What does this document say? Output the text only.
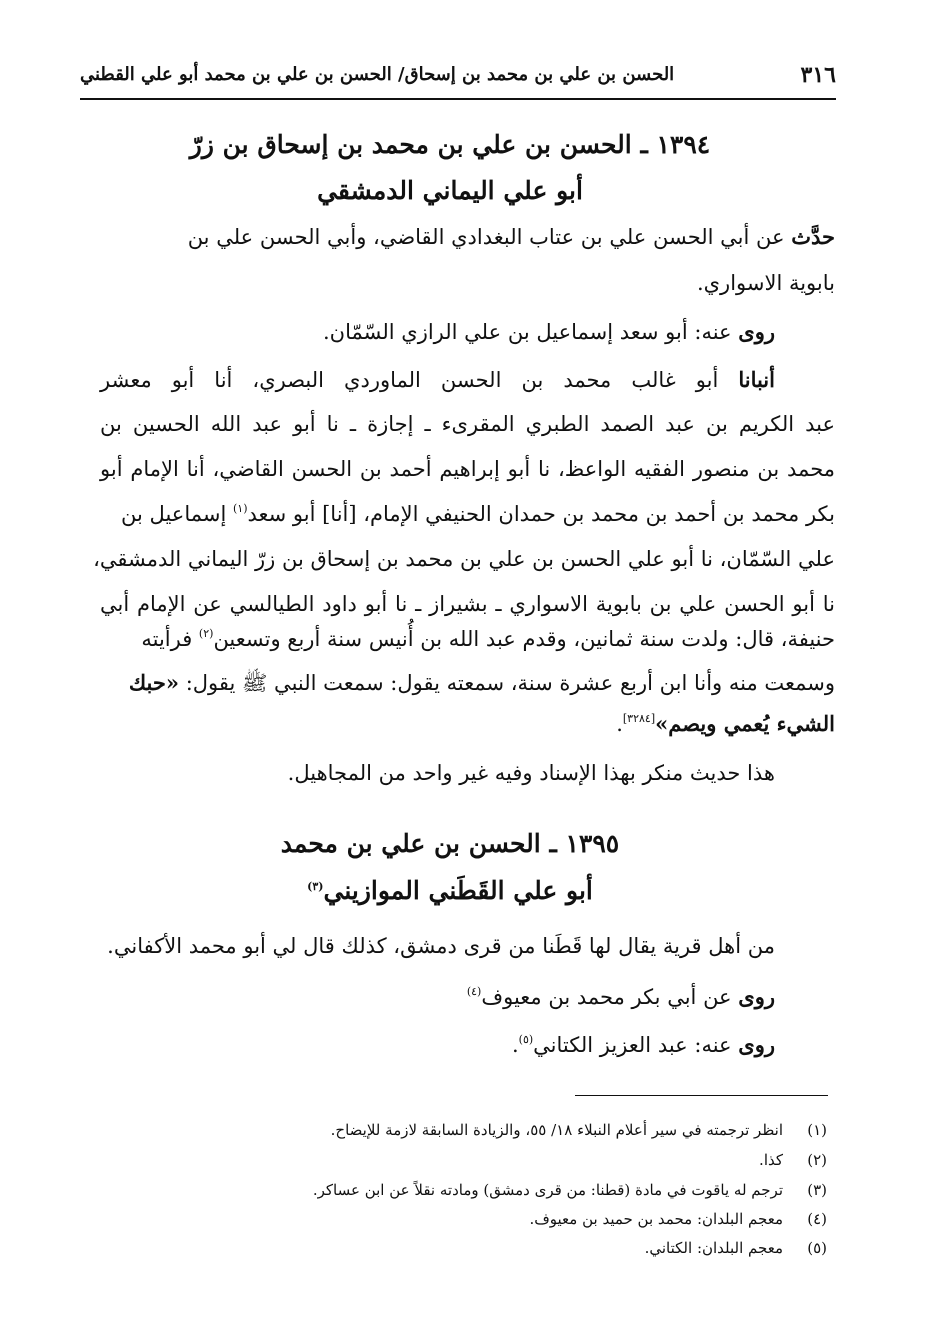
٣١٦
الحسن بن علي بن محمد بن إسحاق/ الحسن بن علي بن محمد أبو علي القطني
١٣٩٤ ـ الحسن بن علي بن محمد بن إسحاق بن زرّ
أبو علي اليماني الدمشقي
حدَّث عن أبي الحسن علي بن عتاب البغدادي القاضي، وأبي الحسن علي بن
بابوية الاسواري.
روى عنه: أبو سعد إسماعيل بن علي الرازي السّمّان.
أنبانا أبو غالب محمد بن الحسن الماوردي البصري، أنا أبو معشر
عبد الكريم بن عبد الصمد الطبري المقرىء ـ إجازة ـ نا أبو عبد الله الحسين بن
محمد بن منصور الفقيه الواعظ، نا أبو إبراهيم أحمد بن الحسن القاضي، أنا الإمام أبو
بكر محمد بن أحمد بن محمد بن حمدان الحنيفي الإمام، [أنا] أبو سعد$^{(١)}$ إسماعيل بن
علي السّمّان، نا أبو علي الحسن بن علي بن محمد بن إسحاق بن زرّ اليماني الدمشقي،
نا أبو الحسن علي بن بابوية الاسواري ـ بشيراز ـ نا أبو داود الطيالسي عن الإمام أبي
حنيفة، قال: ولدت سنة ثمانين، وقدم عبد الله بن أُنيس سنة أربع وتسعين$^{(٢)}$ فرأيته
وسمعت منه وأنا ابن أربع عشرة سنة، سمعته يقول: سمعت النبي ﷺ يقول: «حبك
الشيء يُعمي ويصم»[٣٢٨٤].
هذا حديث منكر بهذا الإسناد وفيه غير واحد من المجاهيل.
١٣٩٥ ـ الحسن بن علي بن محمد
أبو علي القَطَني الموازيني$^{(٣)}$
من أهل قرية يقال لها قَطَنا من قرى دمشق، كذلك قال لي أبو محمد الأكفاني.
روى عن أبي بكر محمد بن معيوف$^{(٤)}$
روى عنه: عبد العزيز الكتاني$^{(٥)}$.
(١)انظر ترجمته في سير أعلام النبلاء ١٨/ ٥٥، والزيادة السابقة لازمة للإيضاح.
(٢)كذا.
(٣)ترجم له ياقوت في مادة (قطنا: من قرى دمشق) ومادته نقلاً عن ابن عساكر.
(٤)معجم البلدان: محمد بن حميد بن معيوف.
(٥)معجم البلدان: الكتاني.
